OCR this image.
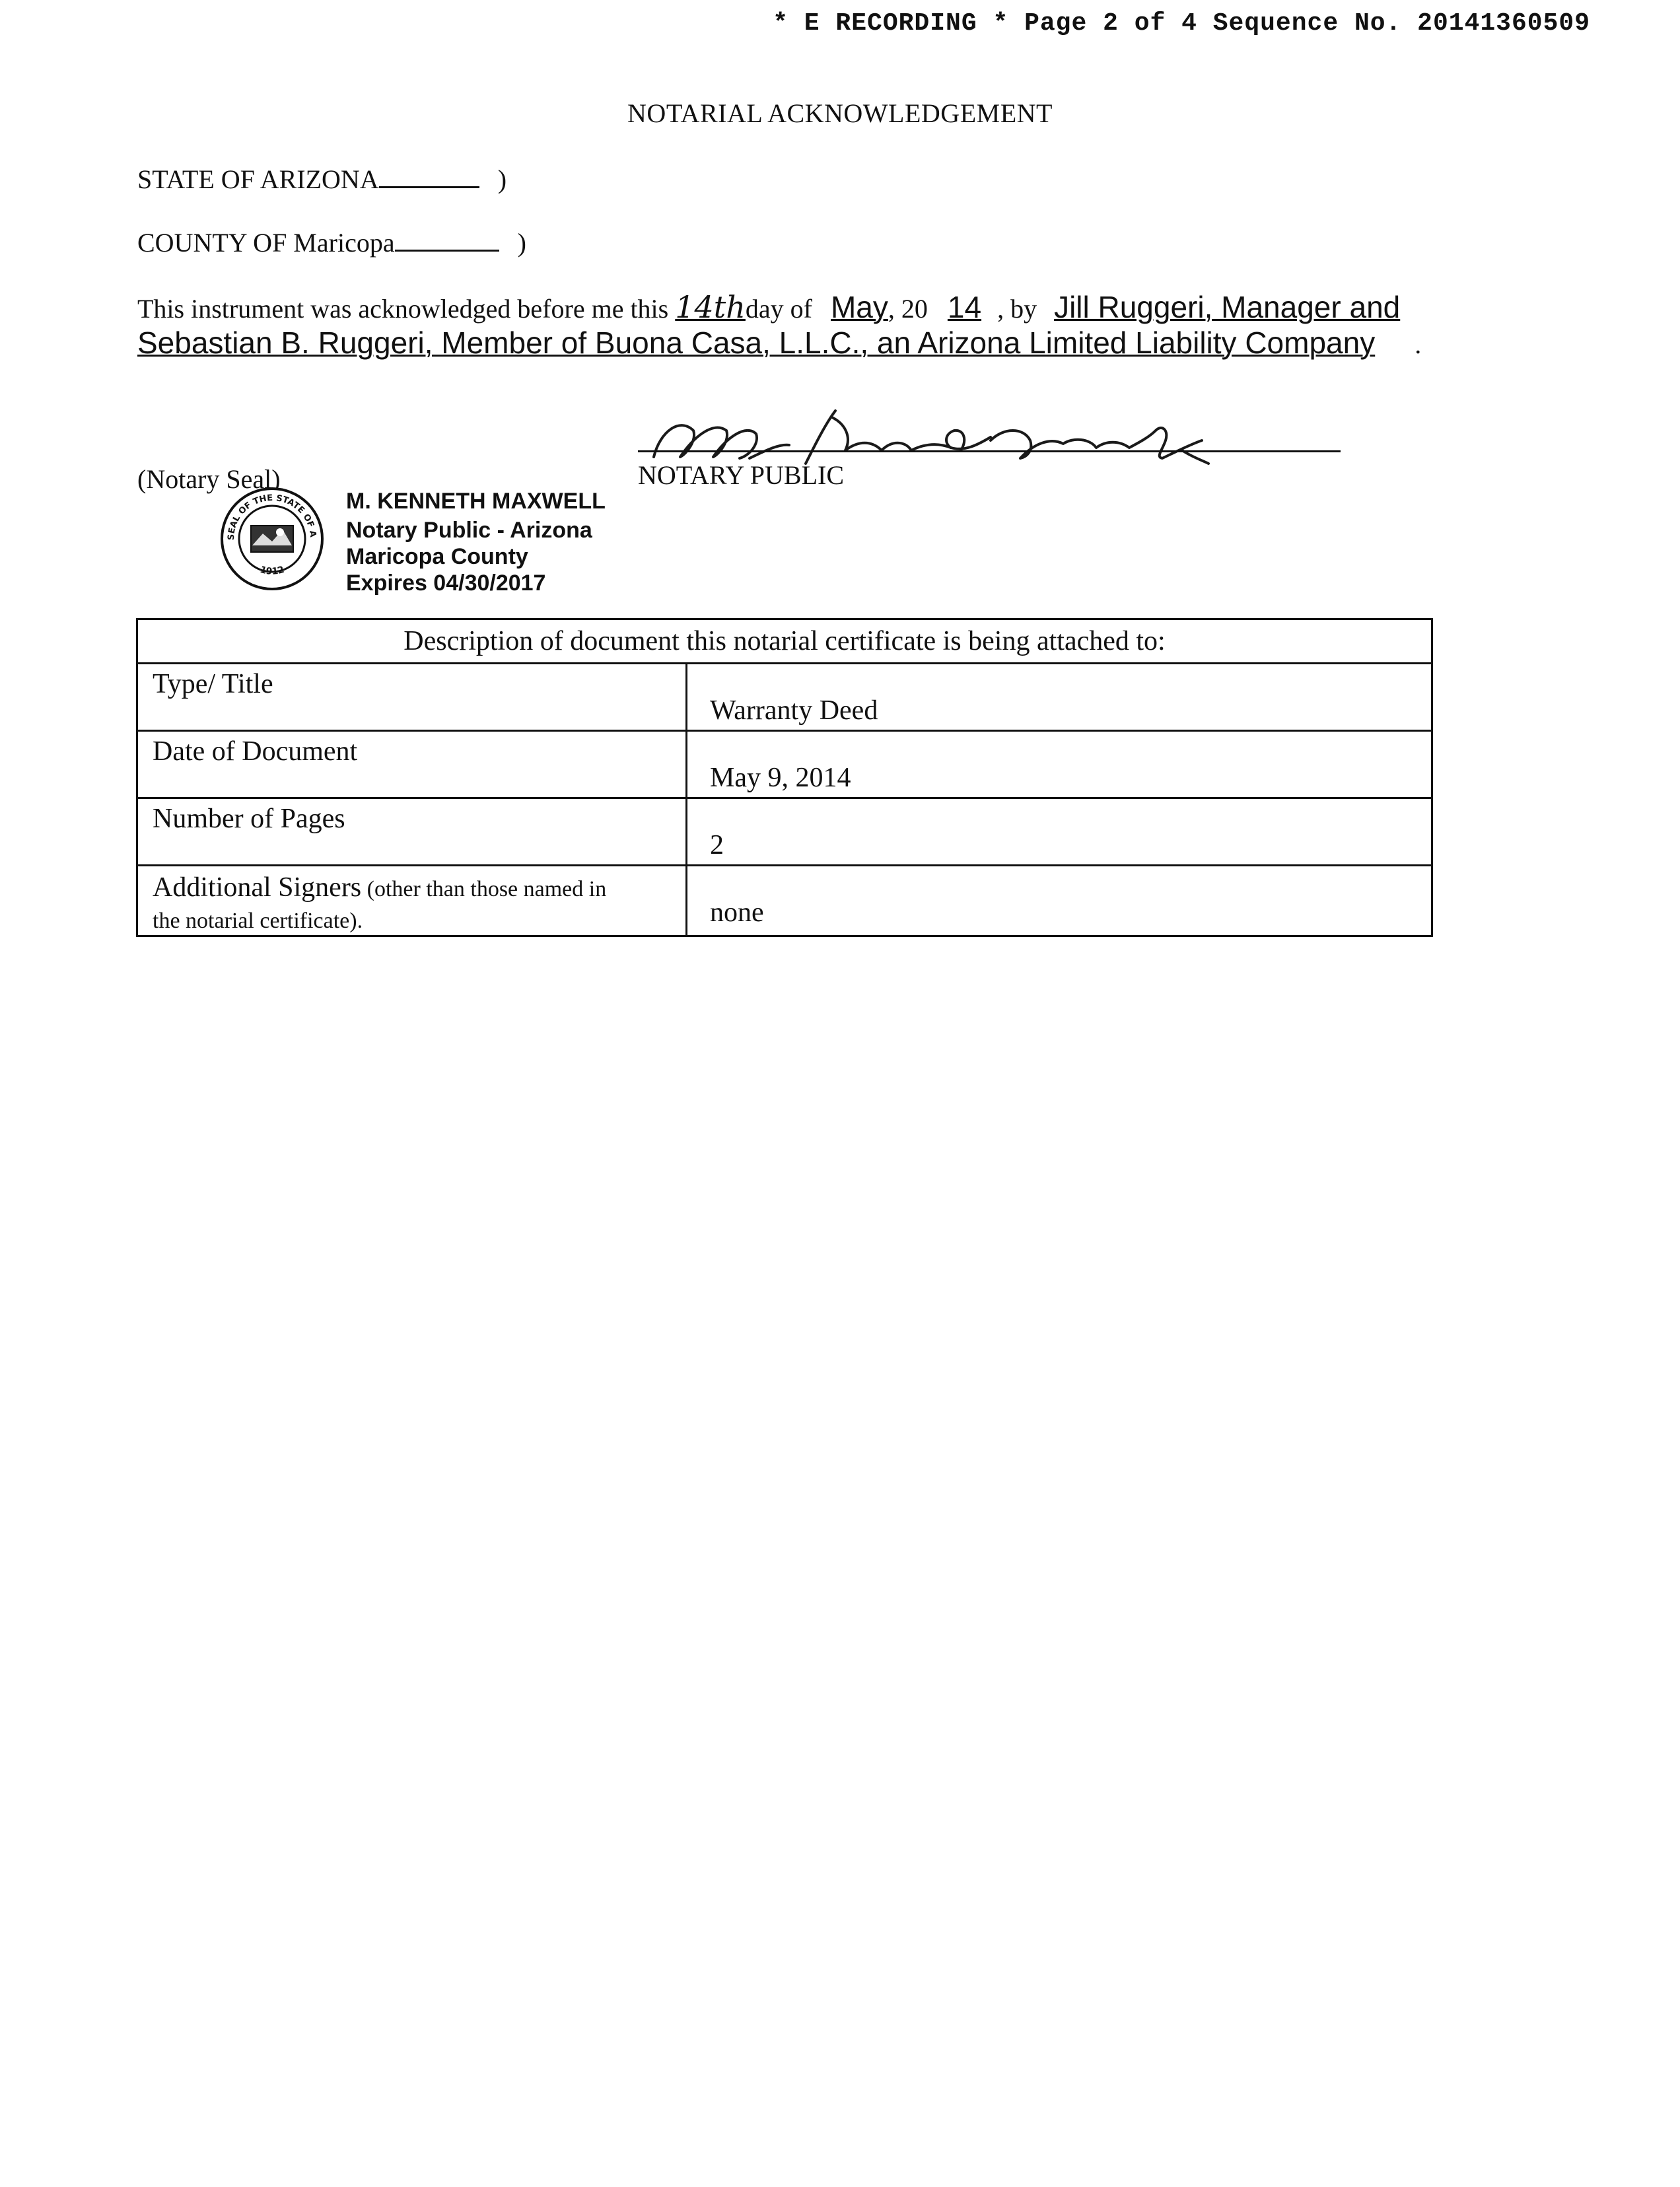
* E RECORDING * Page 2 of 4 Sequence No. 20141360509
NOTARIAL ACKNOWLEDGEMENT
STATE OF ARIZONA	)
COUNTY OF Maricopa	)
This instrument was acknowledged before me this 14thday of May, 20 14 , by Jill Ruggeri, Manager and
Sebastian B. Ruggeri, Member of Buona Casa, L.L.C., an Arizona Limited Liability Company .
NOTARY PUBLIC
(Notary Seal)
SEAL OF THE STATE OF A
1912
M. KENNETH MAXWELL
Notary Public - Arizona
Maricopa County
Expires 04/30/2017
Description of document this notarial certificate is being attached to:	
Type/ Title	Warranty Deed
Date of Document	May 9, 2014
Number of Pages	2
Additional Signers (other than those named in
the notarial certificate).	none
